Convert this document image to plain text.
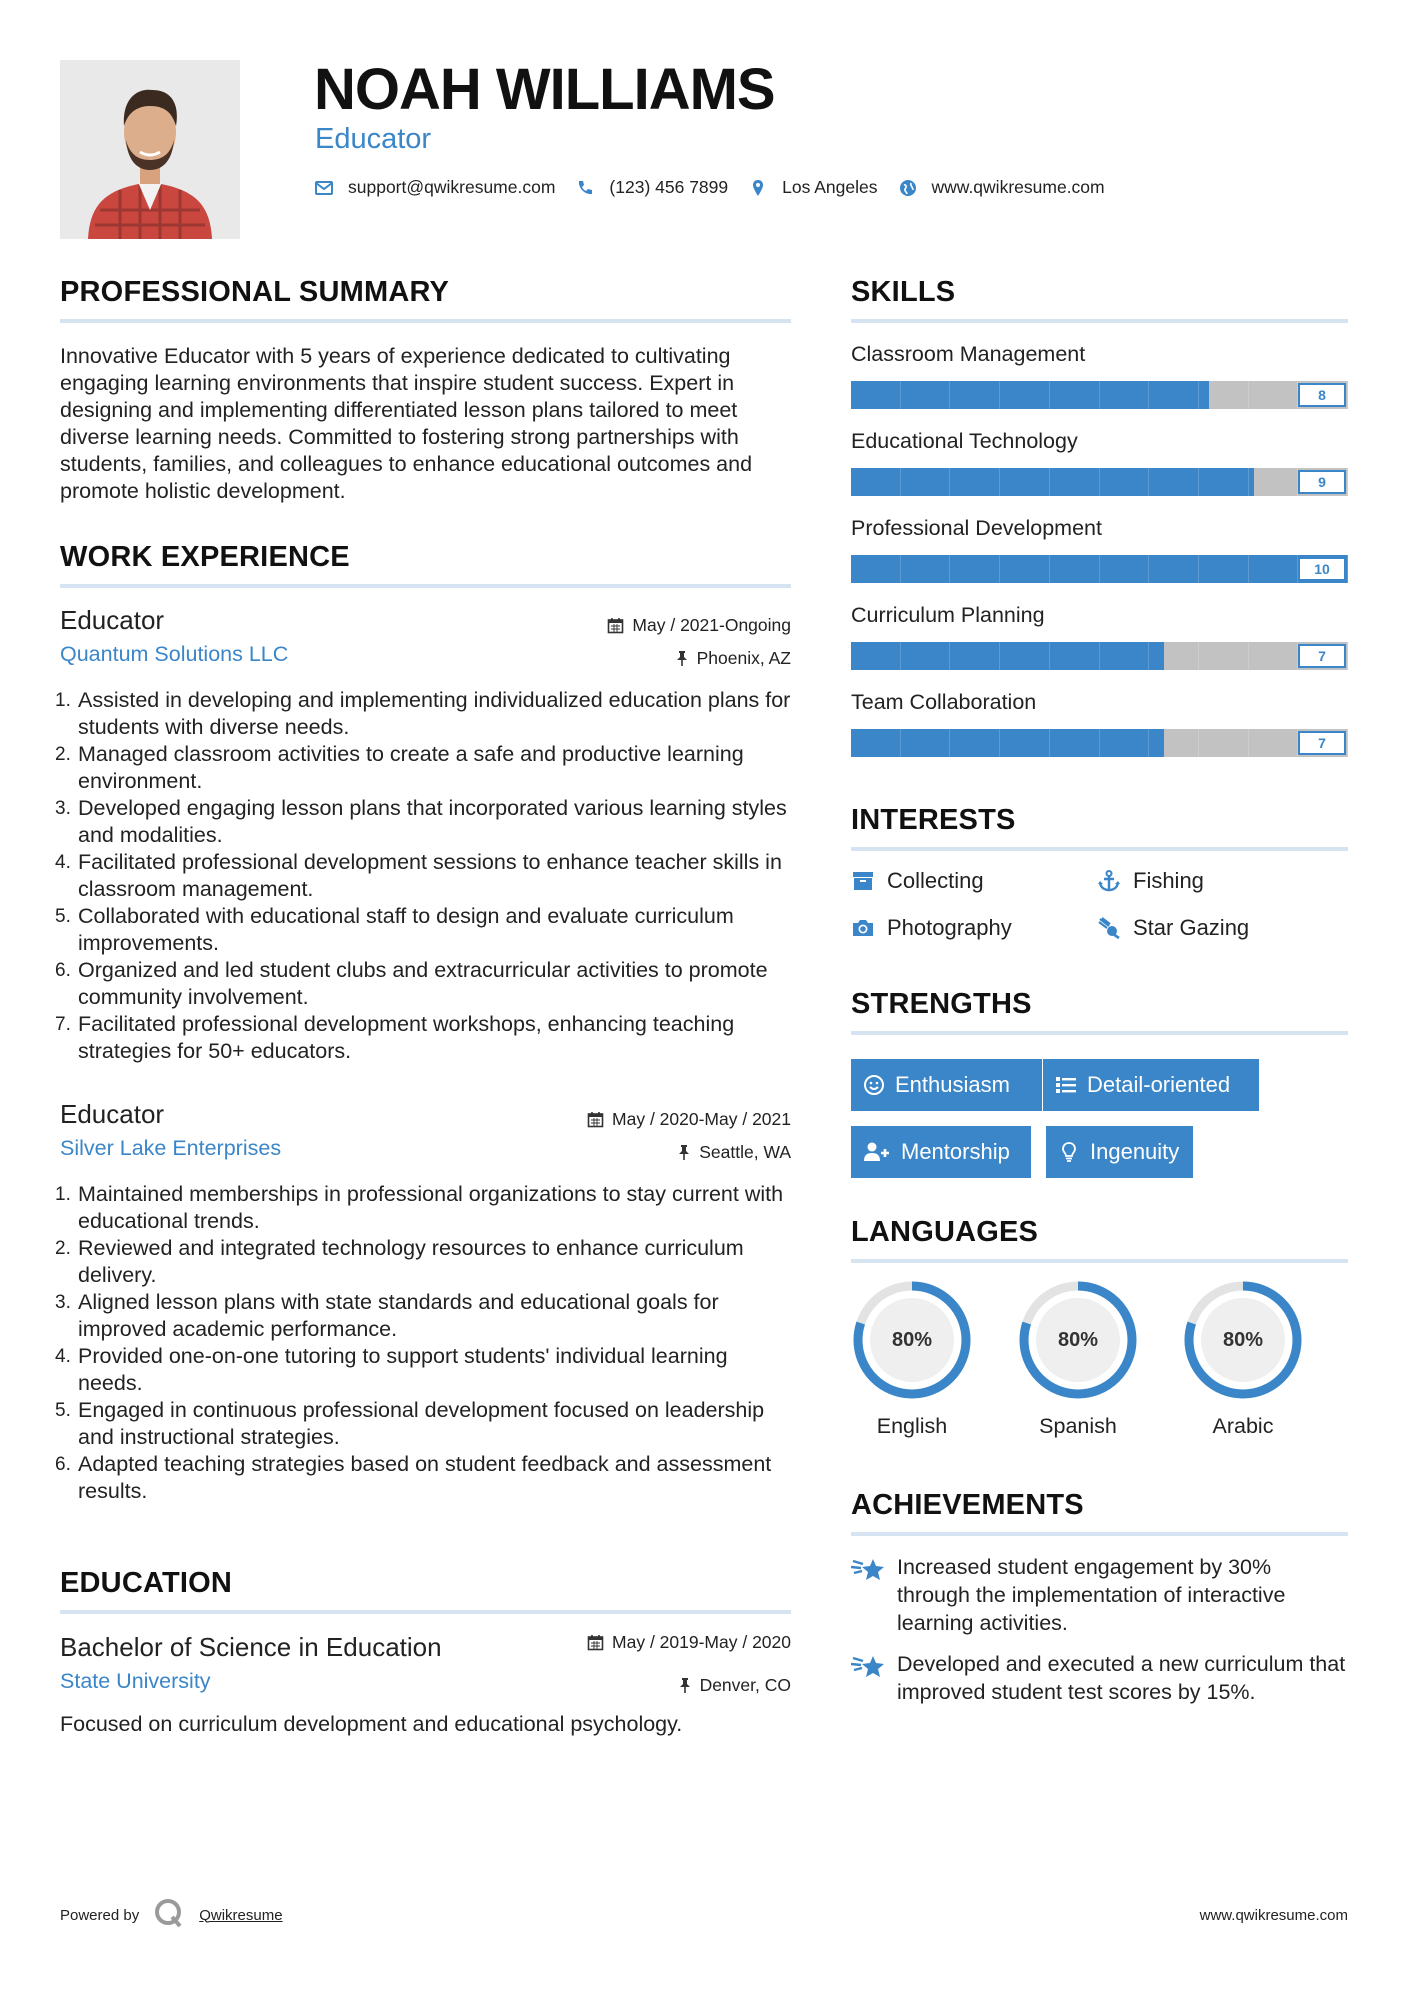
NOAH WILLIAMS
Educator
support@qwikresume.com	(123) 456 7899	Los Angeles	www.qwikresume.com
PROFESSIONAL SUMMARY
Innovative Educator with 5 years of experience dedicated to cultivating engaging learning environments that inspire student success. Expert in designing and implementing differentiated lesson plans tailored to meet diverse learning needs. Committed to fostering strong partnerships with students, families, and colleagues to enhance educational outcomes and promote holistic development.
WORK EXPERIENCE
Educator
Quantum Solutions LLC
May / 2021-Ongoing
Phoenix, AZ
Assisted in developing and implementing individualized education plans for students with diverse needs.
Managed classroom activities to create a safe and productive learning environment.
Developed engaging lesson plans that incorporated various learning styles and modalities.
Facilitated professional development sessions to enhance teacher skills in classroom management.
Collaborated with educational staff to design and evaluate curriculum improvements.
Organized and led student clubs and extracurricular activities to promote community involvement.
Facilitated professional development workshops, enhancing teaching strategies for 50+ educators.
Educator
Silver Lake Enterprises
May / 2020-May / 2021
Seattle, WA
Maintained memberships in professional organizations to stay current with educational trends.
Reviewed and integrated technology resources to enhance curriculum delivery.
Aligned lesson plans with state standards and educational goals for improved academic performance.
Provided one-on-one tutoring to support students' individual learning needs.
Engaged in continuous professional development focused on leadership and instructional strategies.
Adapted teaching strategies based on student feedback and assessment results.
EDUCATION
Bachelor of Science in Education
State University
May / 2019-May / 2020
Denver, CO
Focused on curriculum development and educational psychology.
SKILLS
Classroom Management
8
Educational Technology
9
Professional Development
10
Curriculum Planning
7
Team Collaboration
7
INTERESTS
Collecting	Fishing
Photography	Star Gazing
STRENGTHS
Enthusiasm	Detail-oriented
Mentorship	Ingenuity
LANGUAGES
80%
English
80%
Spanish
80%
Arabic
ACHIEVEMENTS
Increased student engagement by 30% through the implementation of interactive learning activities.
Developed and executed a new curriculum that improved student test scores by 15%.
Powered by	Qwikresume	www.qwikresume.com
